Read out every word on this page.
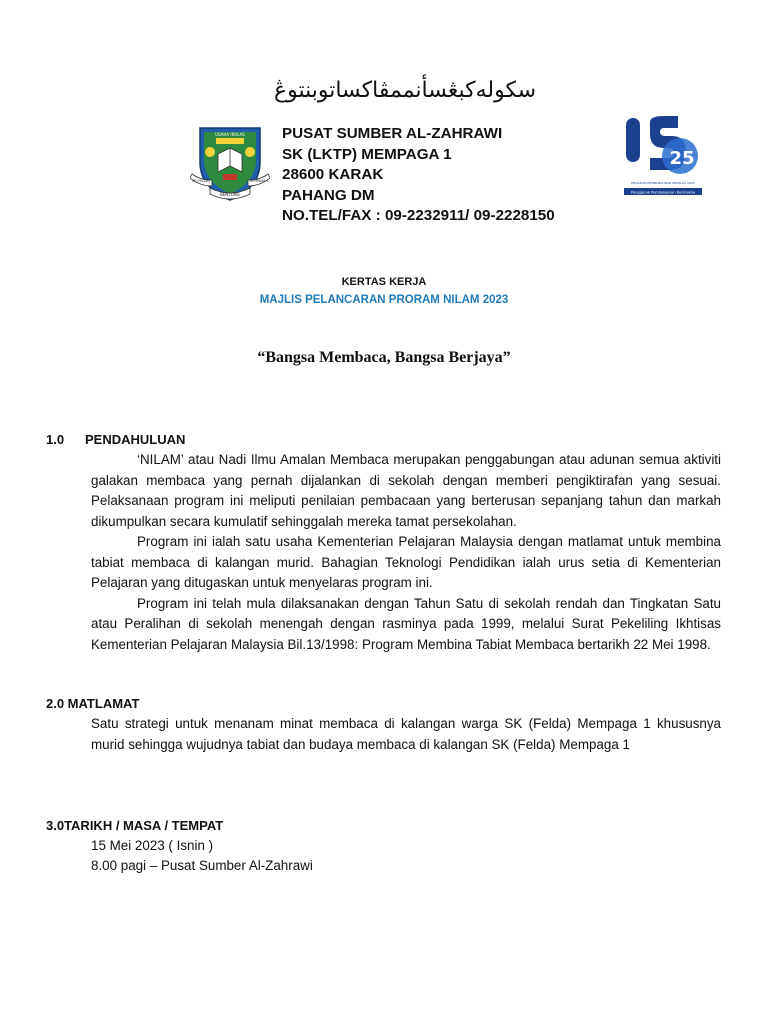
سکوله‌کبڠسأنممڤاكساتوبنتوڠ
USAHA IKHLAS
SK (FELDA)	MEMPAGA 1
BENTONG
PUSAT SUMBER AL-ZAHRAWI
SK (LKTP) MEMPAGA 1
28600 KARAK
PAHANG DM
NO.TEL/FAX : 09-2232911/ 09-2228150
25
PROGRAM PEMBANGUNAN SEKOLAH 2023
Penggerak Pembelajaran Bermakna
KERTAS KERJA
MAJLIS PELANCARAN PRORAM NILAM 2023
“Bangsa Membaca, Bangsa Berjaya”
1.0 PENDAHULUAN
‘NILAM’ atau Nadi Ilmu Amalan Membaca merupakan penggabungan atau adunan semua aktiviti galakan membaca yang pernah dijalankan di sekolah dengan memberi pengiktirafan yang sesuai. Pelaksanaan program ini meliputi penilaian pembacaan yang berterusan sepanjang tahun dan markah dikumpulkan secara kumulatif sehinggalah mereka tamat persekolahan.
Program ini ialah satu usaha Kementerian Pelajaran Malaysia dengan matlamat untuk membina tabiat membaca di kalangan murid. Bahagian Teknologi Pendidikan ialah urus setia di Kementerian Pelajaran yang ditugaskan untuk menyelaras program ini.
Program ini telah mula dilaksanakan dengan Tahun Satu di sekolah rendah dan Tingkatan Satu atau Peralihan di sekolah menengah dengan rasminya pada 1999, melalui Surat Pekeliling Ikhtisas Kementerian Pelajaran Malaysia Bil.13/1998: Program Membina Tabiat Membaca bertarikh 22 Mei 1998.
2.0 MATLAMAT
Satu strategi untuk menanam minat membaca di kalangan warga SK (Felda) Mempaga 1 khususnya murid sehingga wujudnya tabiat dan budaya membaca di kalangan SK (Felda) Mempaga 1
3.0TARIKH / MASA / TEMPAT
15 Mei 2023 ( Isnin )
8.00 pagi – Pusat Sumber Al-Zahrawi
